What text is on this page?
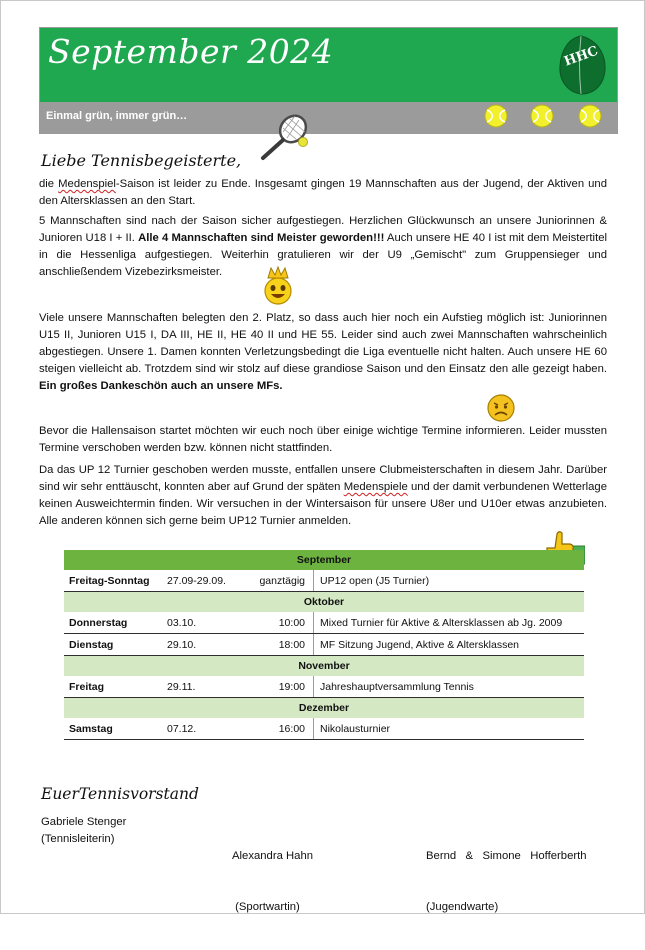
September 2024	HHC
Einmal grün, immer grün…
Liebe Tennisbegeisterte,
die Medenspiel-Saison ist leider zu Ende. Insgesamt gingen 19 Mannschaften aus der Jugend, der Aktiven und den Altersklassen an den Start.
5 Mannschaften sind nach der Saison sicher aufgestiegen. Herzlichen Glückwunsch an unsere Juniorinnen & Junioren U18 I + II. Alle 4 Mannschaften sind Meister geworden!!! Auch unsere HE 40 I ist mit dem Meistertitel in die Hessenliga aufgestiegen. Weiterhin gratulieren wir der U9 „Gemischt" zum Gruppensieger und anschließendem Vizebezirksmeister.
Viele unsere Mannschaften belegten den 2. Platz, so dass auch hier noch ein Aufstieg möglich ist: Juniorinnen U15 II, Junioren U15 I, DA III, HE II, HE 40 II und HE 55. Leider sind auch zwei Mannschaften wahrscheinlich abgestiegen. Unsere 1. Damen konnten Verletzungsbedingt die Liga eventuelle nicht halten. Auch unsere HE 60 steigen vielleicht ab. Trotzdem sind wir stolz auf diese grandiose Saison und den Einsatz den alle gezeigt haben. Ein großes Dankeschön auch an unsere MFs.
Bevor die Hallensaison startet möchten wir euch noch über einige wichtige Termine informieren. Leider mussten Termine verschoben werden bzw. können nicht stattfinden.
Da das UP 12 Turnier geschoben werden musste, entfallen unsere Clubmeisterschaften in diesem Jahr. Darüber sind wir sehr enttäuscht, konnten aber auf Grund der späten Medenspiele und der damit verbundenen Wetterlage keinen Ausweichtermin finden. Wir versuchen in der Wintersaison für unsere U8er und U10er etwas anzubieten. Alle anderen können sich gerne beim UP12 Turnier anmelden.
September			
Freitag-Sonntag	27.09-29.09.	ganztägig	UP12 open (J5 Turnier)
Oktober			
Donnerstag	03.10.	10:00	Mixed Turnier für Aktive & Altersklassen ab Jg. 2009
Dienstag	29.10.	18:00	MF Sitzung Jugend, Aktive & Altersklassen
November			
Freitag	29.11.	19:00	Jahreshauptversammlung Tennis
Dezember			
Samstag	07.12.	16:00	Nikolausturnier
EuerTennisvorstand
Gabriele Stenger
(Tennisleiterin)

Alexandra Hahn

(Sportwartin)

Bernd   &   Simone   Hofferberth

(Jugendwarte)
